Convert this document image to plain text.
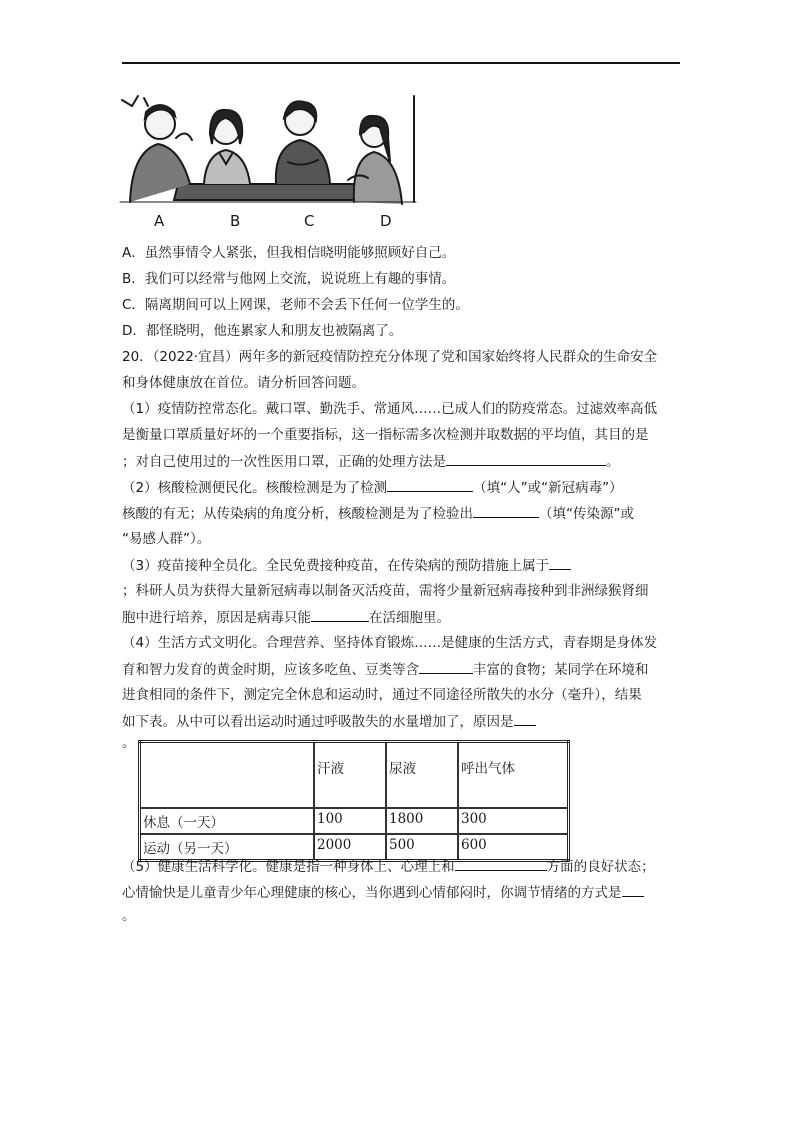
A	B	C	D
A．虽然事情令人紧张，但我相信晓明能够照顾好自己。
B．我们可以经常与他网上交流，说说班上有趣的事情。
C．隔离期间可以上网课，老师不会丢下任何一位学生的。
D．都怪晓明，他连累家人和朋友也被隔离了。
20．（2022·宜昌）两年多的新冠疫情防控充分体现了党和国家始终将人民群众的生命安全
和身体健康放在首位。请分析回答问题。
（1）疫情防控常态化。戴口罩、勤洗手、常通风……已成人们的防疫常态。过滤效率高低
是衡量口罩质量好坏的一个重要指标，这一指标需多次检测并取数据的平均值，其目的是
；对自己使用过的一次性医用口罩，正确的处理方法是	。
（2）核酸检测便民化。核酸检测是为了检测	（填“人”或“新冠病毒”）
核酸的有无；从传染病的角度分析，核酸检测是为了检验出	（填“传染源”或
“易感人群”）。
（3）疫苗接种全员化。全民免费接种疫苗，在传染病的预防措施上属于
；科研人员为获得大量新冠病毒以制备灭活疫苗，需将少量新冠病毒接种到非洲绿猴肾细
胞中进行培养，原因是病毒只能	在活细胞里。
（4）生活方式文明化。合理营养、坚持体育锻炼……是健康的生活方式，青春期是身体发
育和智力发育的黄金时期，应该多吃鱼、豆类等含	丰富的食物；某同学在环境和
进食相同的条件下，测定完全休息和运动时，通过不同途径所散失的水分（毫升），结果
如下表。从中可以看出运动时通过呼吸散失的水量增加了，原因是
。
	汗液	尿液	呼出气体
休息（一天）	100	1800	300
运动（另一天）	2000	500	600
（5）健康生活科学化。健康是指一种身体上、心理上和	方面的良好状态；
心情愉快是儿童青少年心理健康的核心，当你遇到心情郁闷时，你调节情绪的方式是
。
